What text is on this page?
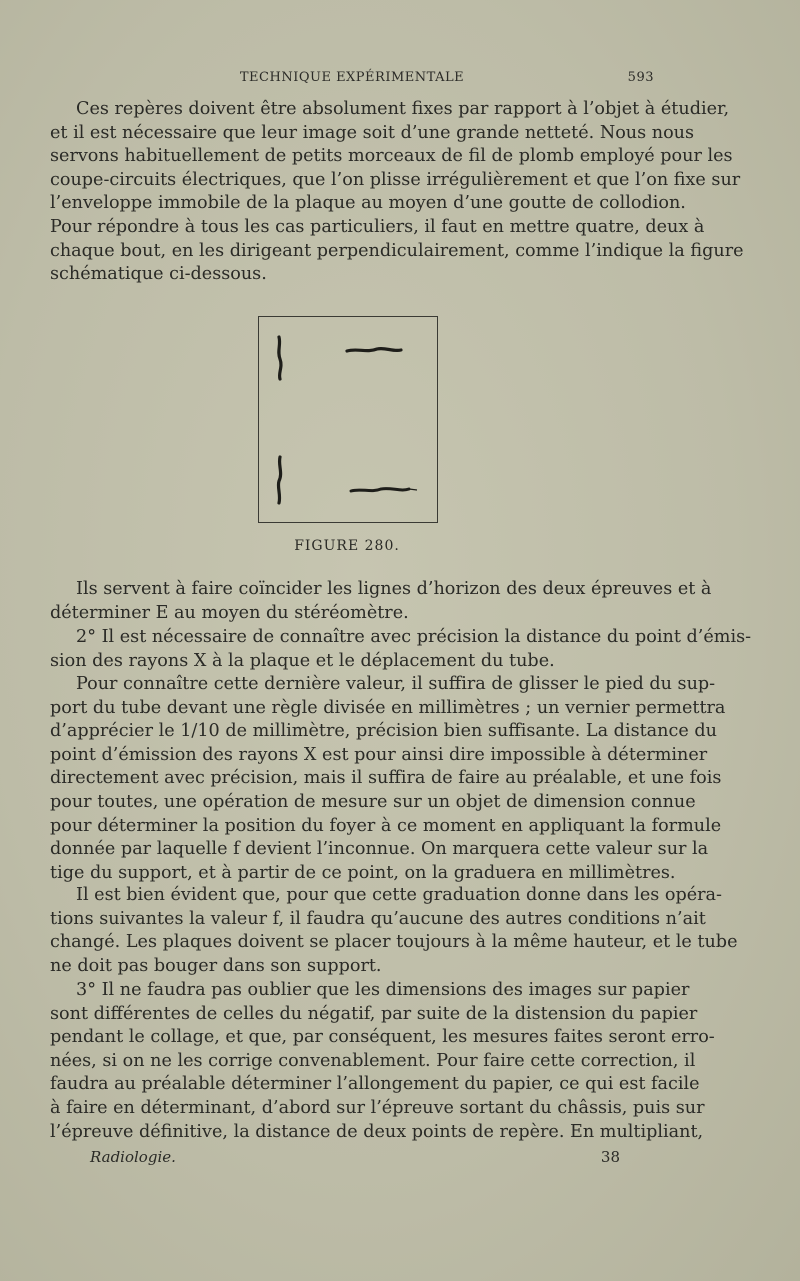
TECHNIQUE EXPÉRIMENTALE	593
Ces repères doivent être absolument fixes par rapport à l’objet à étudier,
et il est nécessaire que leur image soit d’une grande netteté. Nous nous
servons habituellement de petits morceaux de fil de plomb employé pour les
coupe-circuits électriques, que l’on plisse irrégulièrement et que l’on fixe sur
l’enveloppe immobile de la plaque au moyen d’une goutte de collodion.
Pour répondre à tous les cas particuliers, il faut en mettre quatre, deux à
chaque bout, en les dirigeant perpendiculairement, comme l’indique la figure
schématique ci-dessous.
FIGURE 280.
Ils servent à faire coïncider les lignes d’horizon des deux épreuves et à
déterminer E au moyen du stéréomètre.
2° Il est nécessaire de connaître avec précision la distance du point d’émis-
sion des rayons X à la plaque et le déplacement du tube.
Pour connaître cette dernière valeur, il suffira de glisser le pied du sup-
port du tube devant une règle divisée en millimètres ; un vernier permettra
d’apprécier le 1/10 de millimètre, précision bien suffisante. La distance du
point d’émission des rayons X est pour ainsi dire impossible à déterminer
directement avec précision, mais il suffira de faire au préalable, et une fois
pour toutes, une opération de mesure sur un objet de dimension connue
pour déterminer la position du foyer à ce moment en appliquant la formule
donnée par laquelle f devient l’inconnue. On marquera cette valeur sur la
tige du support, et à partir de ce point, on la graduera en millimètres.
Il est bien évident que, pour que cette graduation donne dans les opéra-
tions suivantes la valeur f, il faudra qu’aucune des autres conditions n’ait
changé. Les plaques doivent se placer toujours à la même hauteur, et le tube
ne doit pas bouger dans son support.
3° Il ne faudra pas oublier que les dimensions des images sur papier
sont différentes de celles du négatif, par suite de la distension du papier
pendant le collage, et que, par conséquent, les mesures faites seront erro-
nées, si on ne les corrige convenablement. Pour faire cette correction, il
faudra au préalable déterminer l’allongement du papier, ce qui est facile
à faire en déterminant, d’abord sur l’épreuve sortant du châssis, puis sur
l’épreuve définitive, la distance de deux points de repère. En multipliant,
Radiologie.	38
